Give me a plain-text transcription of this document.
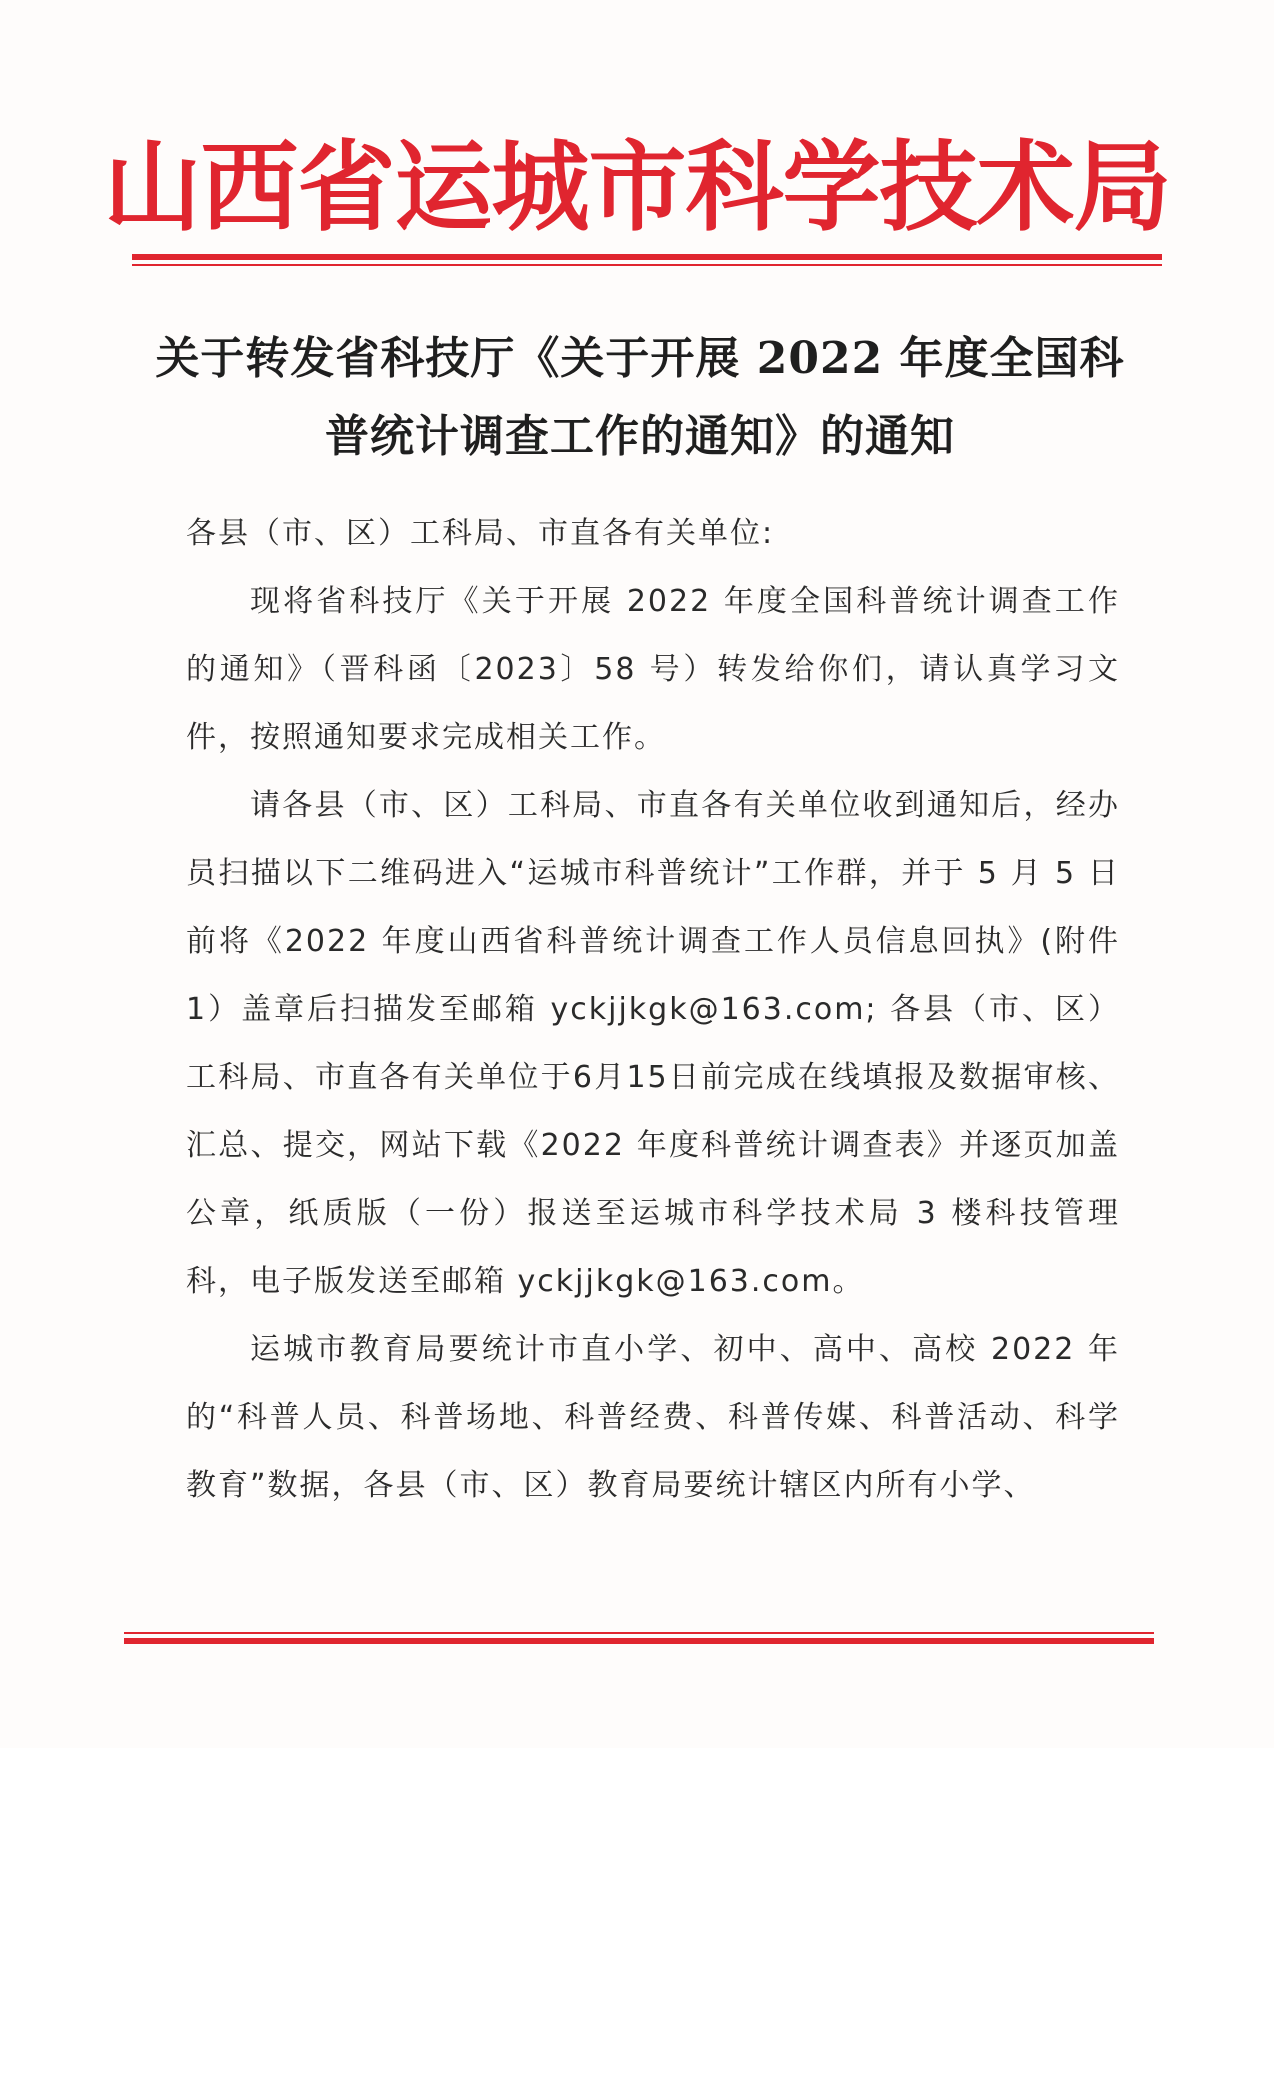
山西省运城市科学技术局
关于转发省科技厅《关于开展 2022 年度全国科
普统计调查工作的通知》的通知

各县（市、区）工科局、市直各有关单位:

现将省科技厅《关于开展 2022 年度全国科普统计调查工作的通知》（晋科函〔2023〕58 号）转发给你们，请认真学习文件，按照通知要求完成相关工作。

请各县（市、区）工科局、市直各有关单位收到通知后，经办员扫描以下二维码进入“运城市科普统计”工作群，并于 5 月 5 日前将《2022 年度山西省科普统计调查工作人员信息回执》(附件 1）盖章后扫描发至邮箱 yckjjkgk@163.com; 各县（市、区）工科局、市直各有关单位于6月15日前完成在线填报及数据审核、汇总、提交，网站下载《2022 年度科普统计调查表》并逐页加盖公章，纸质版（一份）报送至运城市科学技术局 3 楼科技管理科，电子版发送至邮箱 yckjjkgk@163.com。

运城市教育局要统计市直小学、初中、高中、高校 2022 年的“科普人员、科普场地、科普经费、科普传媒、科普活动、科学教育”数据，各县（市、区）教育局要统计辖区内所有小学、
